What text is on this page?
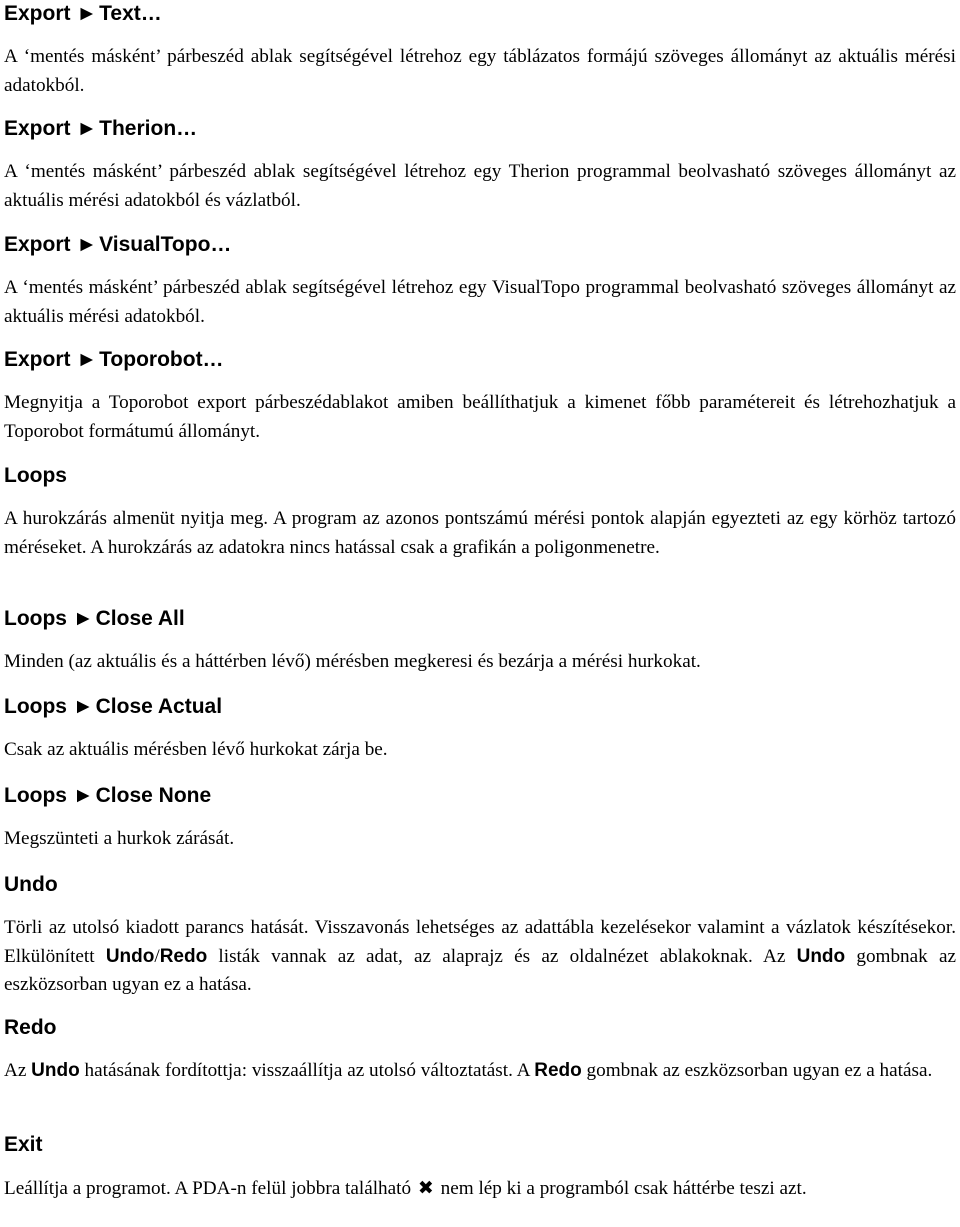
Export ►Text…

A ‘mentés másként’ párbeszéd ablak segítségével létrehoz egy táblázatos formájú szöveges állományt az aktuális mérési adatokból.

Export ►Therion…

A ‘mentés másként’ párbeszéd ablak segítségével létrehoz egy Therion programmal beolvasható szöveges állományt az aktuális mérési adatokból és vázlatból.

Export ►VisualTopo…

A ‘mentés másként’ párbeszéd ablak segítségével létrehoz egy VisualTopo programmal beolvasható szöveges állományt az aktuális mérési adatokból.

Export ►Toporobot…

Megnyitja a Toporobot export párbeszédablakot amiben beállíthatjuk a kimenet főbb paramétereit és létrehozhatjuk a Toporobot formátumú állományt.

Loops

A hurokzárás almenüt nyitja meg. A program az azonos pontszámú mérési pontok alapján egyezteti az egy körhöz tartozó méréseket. A hurokzárás az adatokra nincs hatással csak a grafikán a poligonmenetre.

Loops ►Close All

Minden (az aktuális és a háttérben lévő) mérésben megkeresi és bezárja a mérési hurkokat.

Loops ►Close Actual

Csak az aktuális mérésben lévő hurkokat zárja be.

Loops ►Close None

Megszünteti a hurkok zárását.

Undo

Törli az utolsó kiadott parancs hatását. Visszavonás lehetséges az adattábla kezelésekor valamint a vázlatok készítésekor. Elkülönített Undo/Redo listák vannak az adat, az alaprajz és az oldalnézet ablakoknak. Az Undo gombnak az eszközsorban ugyan ez a hatása.

Redo

Az Undo hatásának fordítottja: visszaállítja az utolsó változtatást. A Redo gombnak az eszközsorban ugyan ez a hatása.

Exit

Leállítja a programot. A PDA-n felül jobbra található ✖ nem lép ki a programból csak háttérbe teszi azt.
